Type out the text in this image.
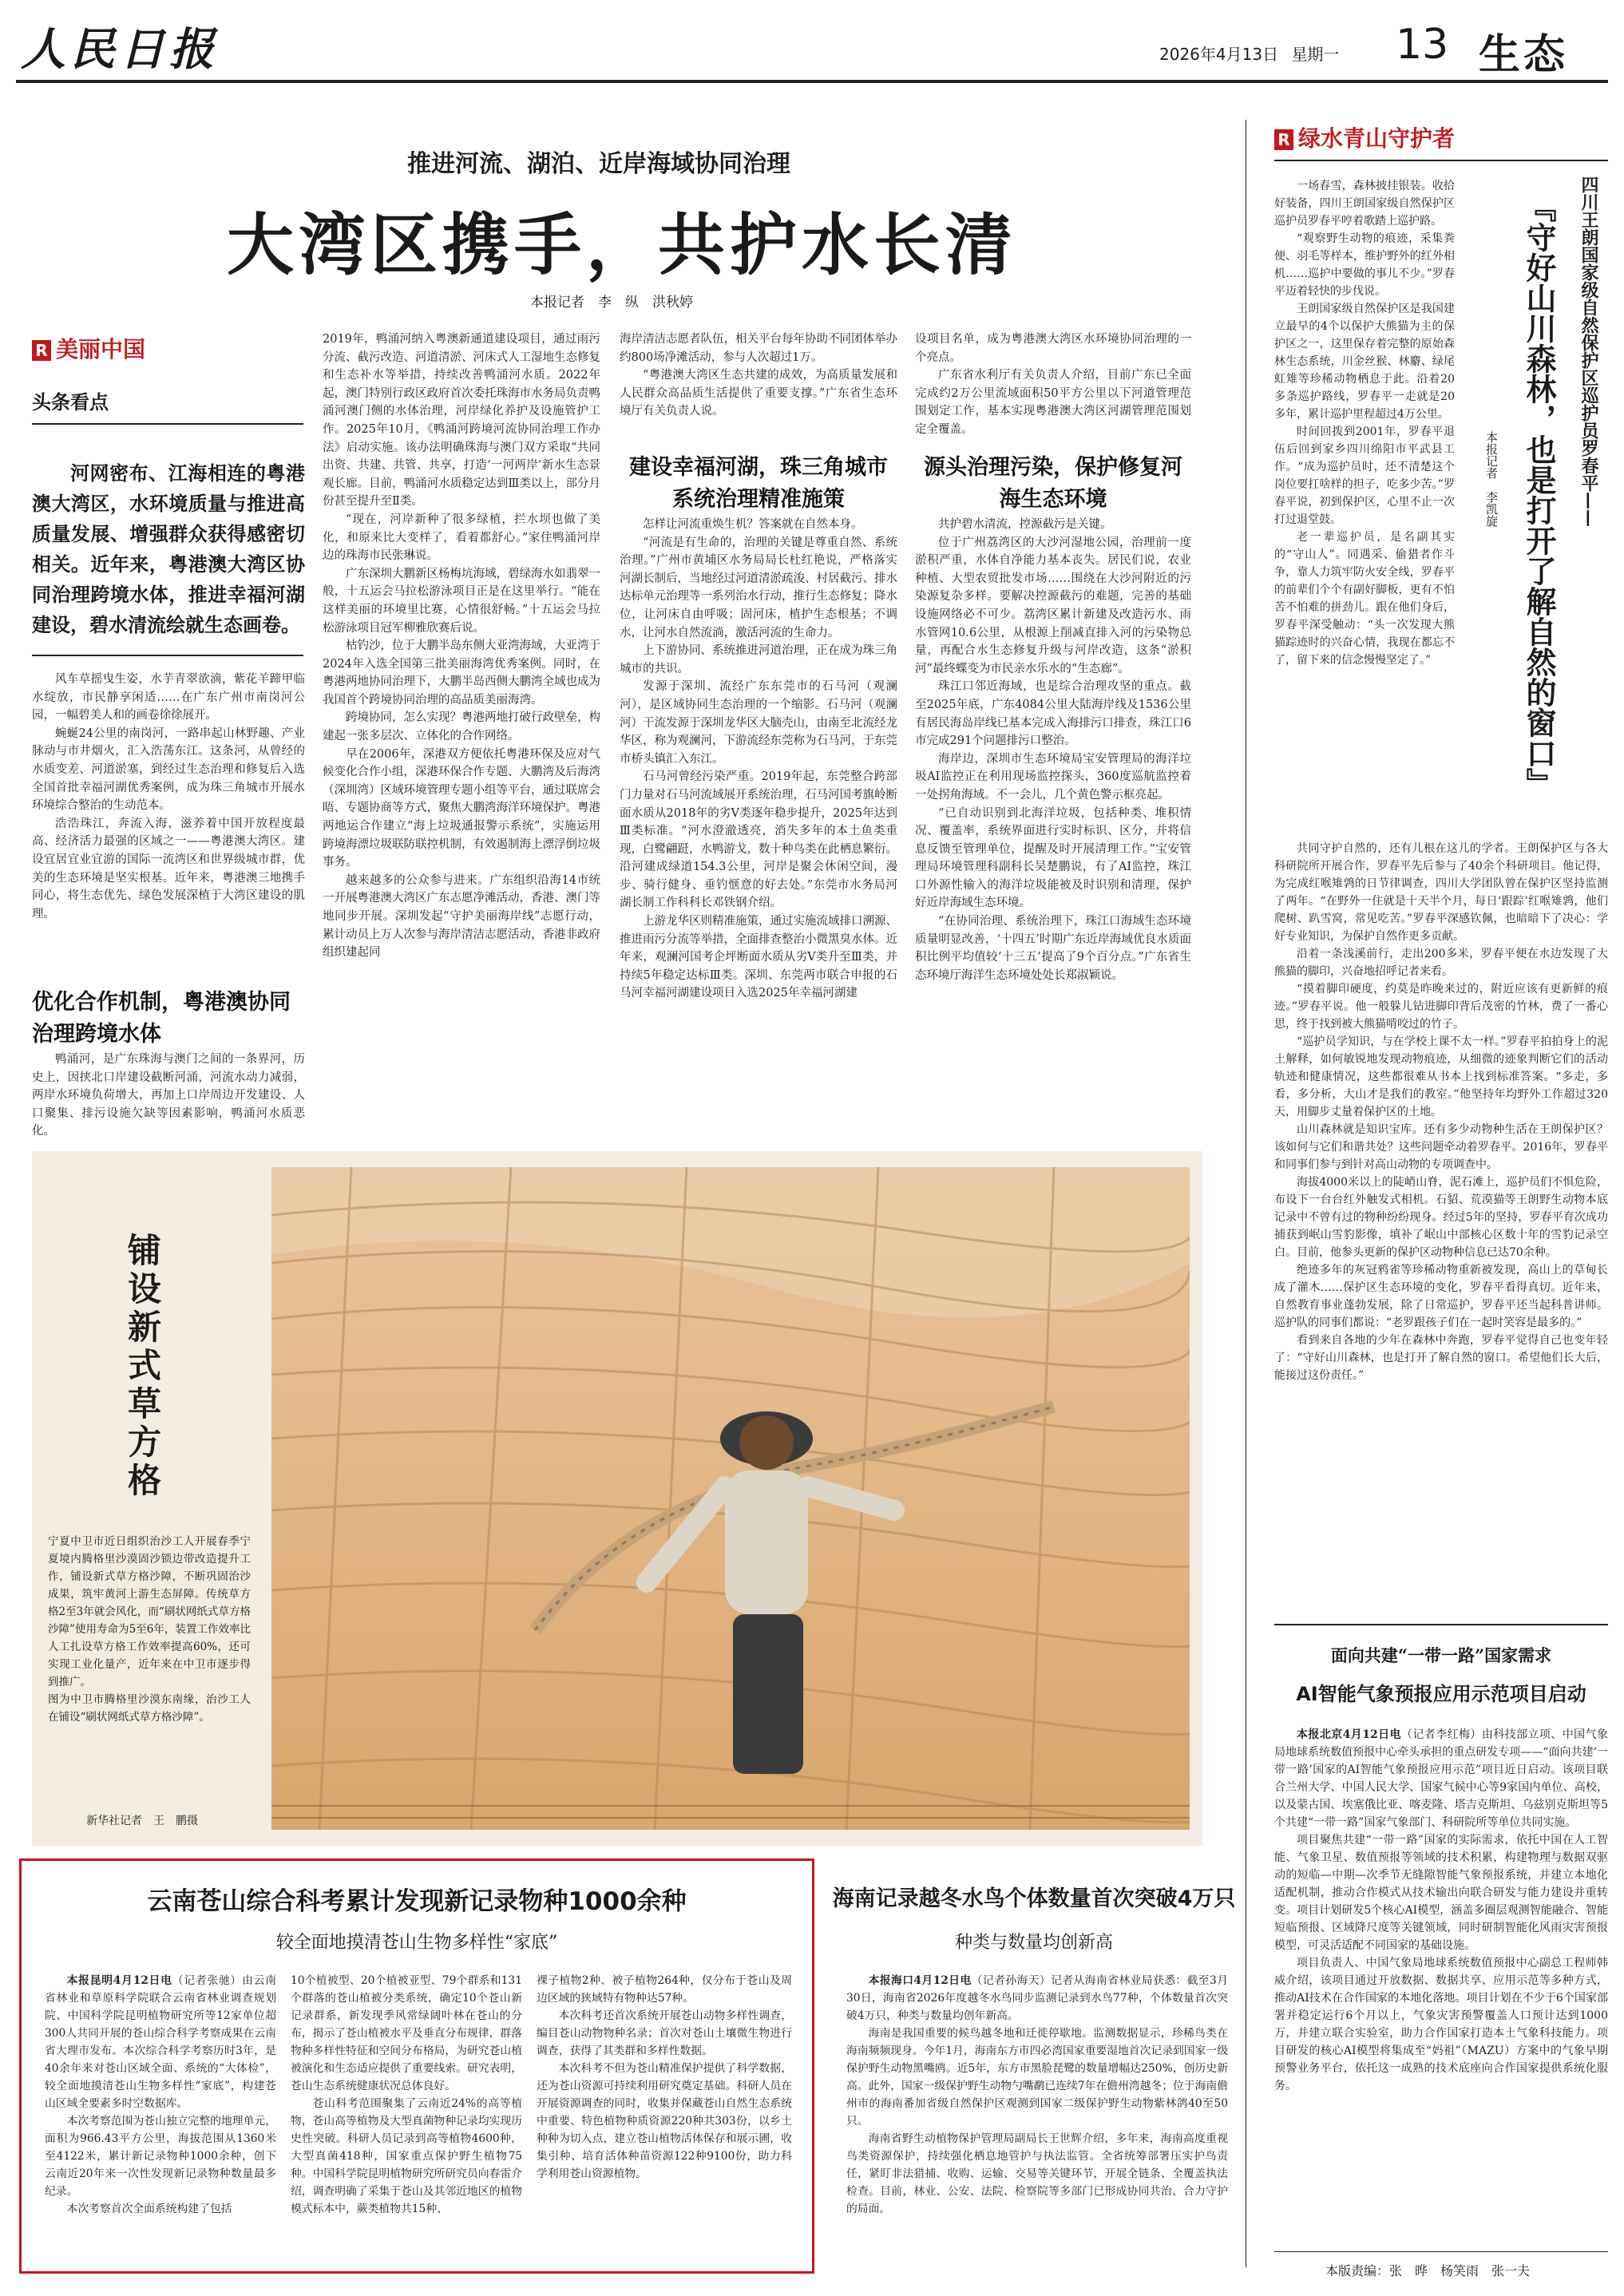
人民日报	2026年4月13日 星期一 13 生态
推进河流、湖泊、近岸海域协同治理
大湾区携手，共护水长清
本报记者　李　纵　洪秋婷
R 美丽中国
头条看点
河网密布、江海相连的粤港澳大湾区，水环境质量与推进高质量发展、增强群众获得感密切相关。近年来，粤港澳大湾区协同治理跨境水体，推进幸福河湖建设，碧水清流绘就生态画卷。

风车草摇曳生姿，水芋青翠欲滴，紫花羊蹄甲临水绽放，市民静享闲适……在广东广州市南岗河公园，一幅碧美人和的画卷徐徐展开。

蜿蜒24公里的南岗河，一路串起山林野趣、产业脉动与市井烟火，汇入浩荡东江。这条河，从曾经的水质变差、河道淤塞，到经过生态治理和修复后入选全国首批幸福河湖优秀案例，成为珠三角城市开展水环境综合整治的生动范本。

浩浩珠江，奔流入海，滋养着中国开放程度最高、经济活力最强的区域之一——粤港澳大湾区。建设宜居宜业宜游的国际一流湾区和世界级城市群，优美的生态环境是坚实根基。近年来，粤港澳三地携手同心，将生态优先、绿色发展深植于大湾区建设的肌理。

优化合作机制，粤港澳协同治理跨境水体

鸭涌河，是广东珠海与澳门之间的一条界河，历史上，因挟北口岸建设截断河涌，河流水动力减弱，两岸水环境负荷增大，再加上口岸周边开发建设、人口聚集、排污设施欠缺等因素影响，鸭涌河水质恶化。

2019年，鸭涌河纳入粤澳新通道建设项目，通过雨污分流、截污改造、河道清淤、河床式人工湿地生态修复和生态补水等举措，持续改善鸭涌河水质。2022年起，澳门特别行政区政府首次委托珠海市水务局负责鸭涌河澳门侧的水体治理，河岸绿化养护及设施管护工作。2025年10月，《鸭涌河跨境河流协同治理工作办法》启动实施。该办法明确珠海与澳门双方采取“共同出资、共建、共管、共享，打造‘一河两岸’新水生态景观长廊。目前，鸭涌河水质稳定达到Ⅲ类以上，部分月份甚至提升至Ⅱ类。

“现在，河岸新种了很多绿植，拦水坝也做了美化，和原来比大变样了，看着都舒心。”家住鸭涌河岸边的珠海市民张琳说。

广东深圳大鹏新区杨梅坑海域，碧绿海水如翡翠一般，十五运会马拉松游泳项目正是在这里举行。“能在这样美丽的环境里比赛，心情很舒畅。”十五运会马拉松游泳项目冠军柳雅欣赛后说。

枯钓沙，位于大鹏半岛东侧大亚湾海域，大亚湾于2024年入选全国第三批美丽海湾优秀案例。同时，在粤港两地协同治理下，大鹏半岛西侧大鹏湾全域也成为我国首个跨境协同治理的高品质美丽海湾。

跨境协同，怎么实现？粤港两地打破行政壁垒，构建起一张多层次、立体化的合作网络。

早在2006年，深港双方便依托粤港环保及应对气候变化合作小组，深港环保合作专题、大鹏湾及后海湾（深圳湾）区域环境管理专题小组等平台，通过联席会晤、专题协商等方式，聚焦大鹏湾海洋环境保护。粤港两地运合作建立“海上垃圾通报警示系统”，实施运用跨境海漂垃圾联防联控机制，有效遏制海上漂浮倒垃圾事务。

越来越多的公众参与进来。广东组织沿海14市统一开展粤港澳大湾区广东志愿净滩活动，香港、澳门等地同步开展。深圳发起“守护美丽海岸线”志愿行动，累计动员上万人次参与海岸清洁志愿活动，香港非政府组织建起同

海岸清洁志愿者队伍，相关平台每年协助不同团体举办约800场净滩活动，参与人次超过1万。

“粤港澳大湾区生态共建的成效，为高质量发展和人民群众高品质生活提供了重要支撑。”广东省生态环境厅有关负责人说。

建设幸福河湖，珠三角城市系统治理精准施策

怎样让河流重焕生机？答案就在自然本身。

“河流是有生命的，治理的关键是尊重自然、系统治理。”广州市黄埔区水务局局长杜红艳说，严格落实河湖长制后，当地经过河道清淤疏浚、村居截污、排水达标单元治理等一系列治水行动，推行生态修复；降水位，让河床自由呼吸；固河床，植护生态根基；不调水，让河水自然流淌，激活河流的生命力。

上下游协同、系统推进河道治理，正在成为珠三角城市的共识。

发源于深圳、流经广东东莞市的石马河（观澜河），是区域协同生态治理的一个缩影。石马河（观澜河）干流发源于深圳龙华区大脑壳山，由南至北流经龙华区，称为观澜河，下游流经东莞称为石马河，于东莞市桥头镇汇入东江。

石马河曾经污染严重。2019年起，东莞整合跨部门力量对石马河流域展开系统治理，石马河国考旗岭断面水质从2018年的劣Ⅴ类逐年稳步提升，2025年达到Ⅲ类标准。“河水澄澈透亮，消失多年的本土鱼类重现，白鹭翩跹，水鸭游戈，数十种鸟类在此栖息繁衍。沿河建成绿道154.3公里，河岸是聚会休闲空间，漫步、骑行健身、垂钓惬意的好去处。”东莞市水务局河湖长制工作科科长邓铁钢介绍。

上游龙华区则精准施策，通过实施流域排口溯源、推进雨污分流等举措，全面排查整治小微黑臭水体。近年来，观澜河国考企坪断面水质从劣Ⅴ类升至Ⅲ类，并持续5年稳定达标Ⅲ类。深圳、东莞两市联合申报的石马河幸福河湖建设项目入选2025年幸福河湖建

设项目名单，成为粤港澳大湾区水环境协同治理的一个亮点。

广东省水利厅有关负责人介绍，目前广东已全面完成约2万公里流域面积50平方公里以下河道管理范围划定工作，基本实现粤港澳大湾区河湖管理范围划定全覆盖。

源头治理污染，保护修复河海生态环境

共护碧水清流，控源截污是关键。

位于广州荔湾区的大沙河湿地公园，治理前一度淤积严重，水体自净能力基本丧失。居民们说，农业种植、大型农贸批发市场……围绕在大沙河附近的污染源复杂多样。要解决控源截污的难题，完善的基础设施网络必不可少。荔湾区累计新建及改造污水、雨水管网10.6公里，从根源上削减直排入河的污染物总量，再配合水生态修复升级与河岸改造，这条“淤积河”最终蝶变为市民亲水乐水的“生态廊”。

珠江口邻近海域，也是综合治理攻坚的重点。截至2025年底，广东4084公里大陆海岸线及1536公里有居民海岛岸线已基本完成入海排污口排查，珠江口6市完成291个问题排污口整治。

海岸边，深圳市生态环境局宝安管理局的海洋垃圾AI监控正在利用现场监控探头，360度巡航监控着一处拐角海域。不一会儿，几个黄色警示框亮起。

“已自动识别到北海洋垃圾，包括种类、堆积情况、覆盖率，系统界面进行实时标识、区分，并将信息反馈至管理单位，提醒及时开展清理工作。”宝安管理局环境管理科副科长吴楚鹏说，有了AI监控，珠江口外源性输入的海洋垃圾能被及时识别和清理，保护好近岸海域生态环境。

“在协同治理、系统治理下，珠江口海域生态环境质量明显改善，‘十四五’时期广东近岸海域优良水质面积比例平均值较‘十三五’提高了9个百分点。”广东省生态环境厅海洋生态环境处处长郑淑颖说。

铺设新式草方格
宁夏中卫市近日组织治沙工人开展春季宁夏境内腾格里沙漠固沙锁边带改造提升工作，铺设新式草方格沙障，不断巩固治沙成果，筑牢黄河上游生态屏障。传统草方格2至3年就会风化，而“刷状网纸式草方格沙障”使用寿命为5至6年，装置工作效率比人工扎设草方格工作效率提高60%，还可实现工业化量产，近年来在中卫市逐步得到推广。
图为中卫市腾格里沙漠东南缘，治沙工人在铺设“刷状网纸式草方格沙障”。
新华社记者　王　鹏摄
R 绿水青山守护者
四川王朗国家级自然保护区巡护员罗春平——
『守好山川森林，也是打开了解自然的窗口』
本报记者　李凯旋

一场春雪，森林披挂银装。收拾好装备，四川王朗国家级自然保护区巡护员罗春平哼着歌踏上巡护路。

“观察野生动物的痕迹，采集粪便、羽毛等样本，维护野外的红外相机……巡护中要做的事儿不少。”罗春平迈着轻快的步伐说。

王朗国家级自然保护区是我国建立最早的4个以保护大熊猫为主的保护区之一，这里保存着完整的原始森林生态系统，川金丝猴、林麝、绿尾虹雉等珍稀动物栖息于此。沿着20多条巡护路线，罗春平一走就是20多年，累计巡护里程超过4万公里。

时间回拨到2001年，罗春平退伍后回到家乡四川绵阳市平武县工作。“成为巡护员时，还不清楚这个岗位要扛啥样的担子，吃多少苦。”罗春平说，初到保护区，心里不止一次打过退堂鼓。

老一辈巡护员，是名副其实的“守山人”。同遇采、偷猎者作斗争，靠人力筑牢防火安全线，罗春平的前辈们个个有副好脚板，更有不怕苦不怕难的拼劲儿。跟在他们身后，罗春平深受触动：“头一次发现大熊猫踪迹时的兴奋心情，我现在都忘不了，留下来的信念慢慢坚定了。”

共同守护自然的，还有儿根在这儿的学者。王朗保护区与各大科研院所开展合作，罗春平先后参与了40余个科研项目。他记得，为完成红喉雉鹑的日节律调查，四川大学团队曾在保护区坚持监测了两年。“在野外一住就是十天半个月，每日‘跟踪’红喉雉鹑，他们爬树、趴雪窝，常见吃苦。”罗春平深感钦佩，也暗暗下了决心：学好专业知识，为保护自然作更多贡献。

沿着一条浅溪前行，走出200多米，罗春平便在水边发现了大熊猫的脚印，兴奋地招呼记者来看。

“摸着脚印硬度，约莫是昨晚来过的，附近应该有更新鲜的痕迹。”罗春平说。他一般躲儿钻进脚印背后茂密的竹林，费了一番心思，终于找到被大熊猫啃咬过的竹子。

“巡护员学知识，与在学校上课不太一样。”罗春平拍拍身上的泥土解释，如何敏锐地发现动物痕迹，从细微的迹象判断它们的活动轨迹和健康情况，这些都很难从书本上找到标准答案。“多走，多看，多分析，大山才是我们的教室。”他坚持年均野外工作超过320天，用脚步丈量着保护区的土地。

山川森林就是知识宝库。还有多少动物种生活在王朗保护区？该如何与它们和谐共处？这些问题牵动着罗春平。2016年，罗春平和同事们参与到针对高山动物的专项调查中。

海拔4000米以上的陡峭山脊，泥石滩上，巡护员们不惧危险，布设下一台台红外触发式相机。石貂、荒漠猫等王朗野生动物本底记录中不曾有过的物种纷纷现身。经过5年的坚持，罗春平育次成功捕获到岷山雪豹影像，填补了岷山中部核心区数十年的雪豹记录空白。目前，他参头更新的保护区动物种信息已达70余种。

绝迹多年的灰冠鸦雀等珍稀动物重新被发现，高山上的草甸长成了灌木……保护区生态环境的变化，罗春平看得真切。近年来，自然教育事业蓬勃发展，除了日常巡护，罗春平还当起科普讲师。巡护队的同事们都说：“老罗跟孩子们在一起时笑容是最多的。”

看到来自各地的少年在森林中奔跑，罗春平觉得自己也变年轻了：“守好山川森林，也是打开了解自然的窗口。希望他们长大后，能接过这份责任。”

面向共建“一带一路”国家需求
AI智能气象预报应用示范项目启动

本报北京4月12日电（记者李红梅）由科技部立项、中国气象局地球系统数值预报中心牵头承担的重点研发专项——“面向共建‘一带一路’国家的AI智能气象预报应用示范”项目近日启动。该项目联合兰州大学、中国人民大学、国家气候中心等9家国内单位、高校，以及蒙古国、埃塞俄比亚、喀麦隆、塔吉克斯坦、乌兹别克斯坦等5个共建“一带一路”国家气象部门、科研院所等单位共同实施。

项目聚焦共建“一带一路”国家的实际需求，依托中国在人工智能、气象卫星、数值预报等领域的技术积累，构建物理与数据双驱动的短临—中期—次季节无缝隙智能气象预报系统，并建立本地化适配机制，推动合作模式从技术输出向联合研发与能力建设并重转变。项目计划研发5个核心AI模型，涵盖多圈层观测智能融合、智能短临预报、区域降尺度等关键领域，同时研制智能化风雨灾害预报模型，可灵活适配不同国家的基础设施。

项目负责人、中国气象局地球系统数值预报中心副总工程师韩威介绍，该项目通过开放数据、数据共享、应用示范等多种方式，推动AI技术在合作国家的本地化落地。项目计划在不少于6个国家部署并稳定运行6个月以上，气象灾害预警覆盖人口预计达到1000万，并建立联合实验室，助力合作国家打造本土气象科技能力。项目研发的核心AI模型将集成至“妈祖”（MAZU）方案中的气象早期预警业务平台，依托这一成熟的技术底座向合作国家提供系统化服务。

云南苍山综合科考累计发现新记录物种1000余种
较全面地摸清苍山生物多样性“家底”

本报昆明4月12日电（记者张驰）由云南省林业和草原科学院联合云南省林业调查规划院、中国科学院昆明植物研究所等12家单位超300人共同开展的苍山综合科学考察成果在云南省大理市发布。本次综合科学考察历时3年，是40余年来对苍山区域全面、系统的“大体检”，较全面地摸清苍山生物多样性“家底”，构建苍山区域全要素多时空数据库。

本次考察范围为苍山独立完整的地理单元，面积为966.43平方公里，海拔范围从1360米至4122米，累计新记录物种1000余种，创下云南近20年来一次性发现新记录物种数量最多纪录。

本次考察首次全面系统构建了包括

10个植被型、20个植被亚型、79个群系和131个群落的苍山植被分类系统，确定10个苍山新记录群系，新发现季风常绿阔叶林在苍山的分布，揭示了苍山植被水平及垂直分布规律，群落物种多样性特征和空间分布格局，为研究苍山植被演化和生态适应提供了重要线索。研究表明，苍山生态系统健康状况总体良好。

苍山科考范围聚集了云南近24%的高等植物，苍山高等植物及大型真菌物种记录均实现历史性突破。科研人员记录到高等植物4600种，大型真菌418种，国家重点保护野生植物75种。中国科学院昆明植物研究所研究员向春雷介绍，调查明确了采集于苍山及其邻近地区的植物模式标本中，蕨类植物共15种、

裸子植物2种、被子植物264种，仅分布于苍山及周边区域的狭域特有物种达57种。

本次科考还首次系统开展苍山动物多样性调查，编目苍山动物物种名录；首次对苍山土壤微生物进行调查，获得了其类群和多样性数据。

本次科考不但为苍山精准保护提供了科学数据，还为苍山资源可持续利用研究奠定基础。科研人员在开展资源调查的同时，收集并保藏苍山自然生态系统中重要、特色植物种质资源220种共303份，以乡土种种为切入点，建立苍山植物活体保存和展示圃，收集引种、培育活体种苗资源122种9100份，助力科学利用苍山资源植物。

海南记录越冬水鸟个体数量首次突破4万只
种类与数量均创新高

本报海口4月12日电（记者孙海天）记者从海南省林业局获悉：截至3月30日，海南省2026年度越冬水鸟同步监测记录到水鸟77种，个体数量首次突破4万只，种类与数量均创年新高。

海南是我国重要的候鸟越冬地和迁徙停歇地。监测数据显示，珍稀鸟类在海南频频现身。今年1月，海南东方市四必湾国家重要湿地首次记录到国家一级保护野生动物黑嘴鸥。近5年，东方市黑脸琵鹭的数量增幅达250%，创历史新高。此外，国家一级保护野生动物勺嘴鹬已连续7年在儋州湾越冬；位于海南儋州市的海南番加省级自然保护区观测到国家二级保护野生动物紫林鸽40至50只。

海南省野生动植物保护管理局副局长王世辉介绍，多年来，海南高度重视鸟类资源保护，持续强化栖息地管护与执法监管。全省统筹部署压实护鸟责任，紧盯非法猎捕、收购、运输、交易等关键环节，开展全链条、全覆盖执法检查。目前，林业、公安、法院、检察院等多部门已形成协同共治、合力守护的局面。

本版责编：张　晔　杨笑雨　张一夫
